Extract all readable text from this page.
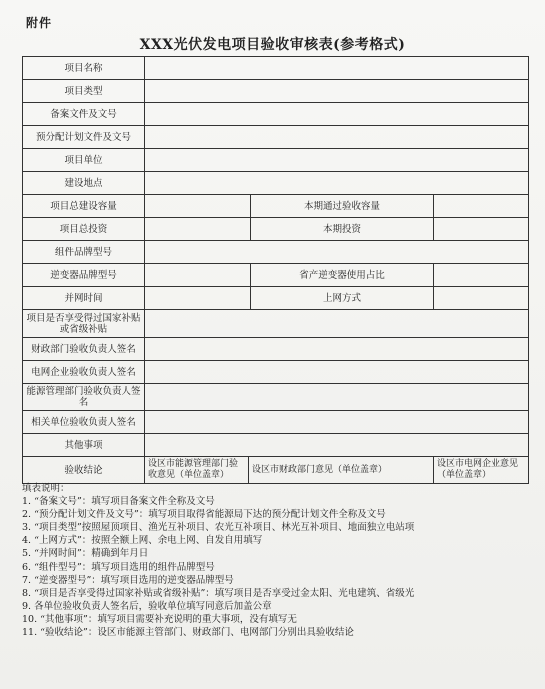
附件
XXX光伏发电项目验收审核表(参考格式)
项目名称				
项目类型				
备案文件及文号				
预分配计划文件及文号				
项目单位				
建设地点				
项目总建设容量			本期通过验收容量	
项目总投资			本期投资	
组件品牌型号				
逆变器品牌型号			省产逆变器使用占比	
并网时间			上网方式	
项目是否享受得过国家补贴或省级补贴				
财政部门验收负责人签名				
电网企业验收负责人签名				
能源管理部门验收负责人签名				
相关单位验收负责人签名				
其他事项				
验收结论	设区市能源管理部门验收意见（单位盖章）	设区市财政部门意见（单位盖章）		设区市电网企业意见（单位盖章）
填表说明：
1. “备案文号”：填写项目备案文件全称及文号
2. “预分配计划文件及文号”：填写项目取得省能源局下达的预分配计划文件全称及文号
3. “项目类型”按照屋顶项目、渔光互补项目、农光互补项目、林光互补项目、地面独立电站项
4. “上网方式”：按照全额上网、余电上网、自发自用填写
5. “并网时间”：精确到年月日
6. “组件型号”：填写项目选用的组件品牌型号
7. “逆变器型号”：填写项目选用的逆变器品牌型号
8. “项目是否享受得过国家补贴或省级补贴”：填写项目是否享受过金太阳、光电建筑、省级光
9. 各单位验收负责人签名后，验收单位填写同意后加盖公章
10. “其他事项”：填写项目需要补充说明的重大事项，没有填写无
11. “验收结论”：设区市能源主管部门、财政部门、电网部门分别出具验收结论
